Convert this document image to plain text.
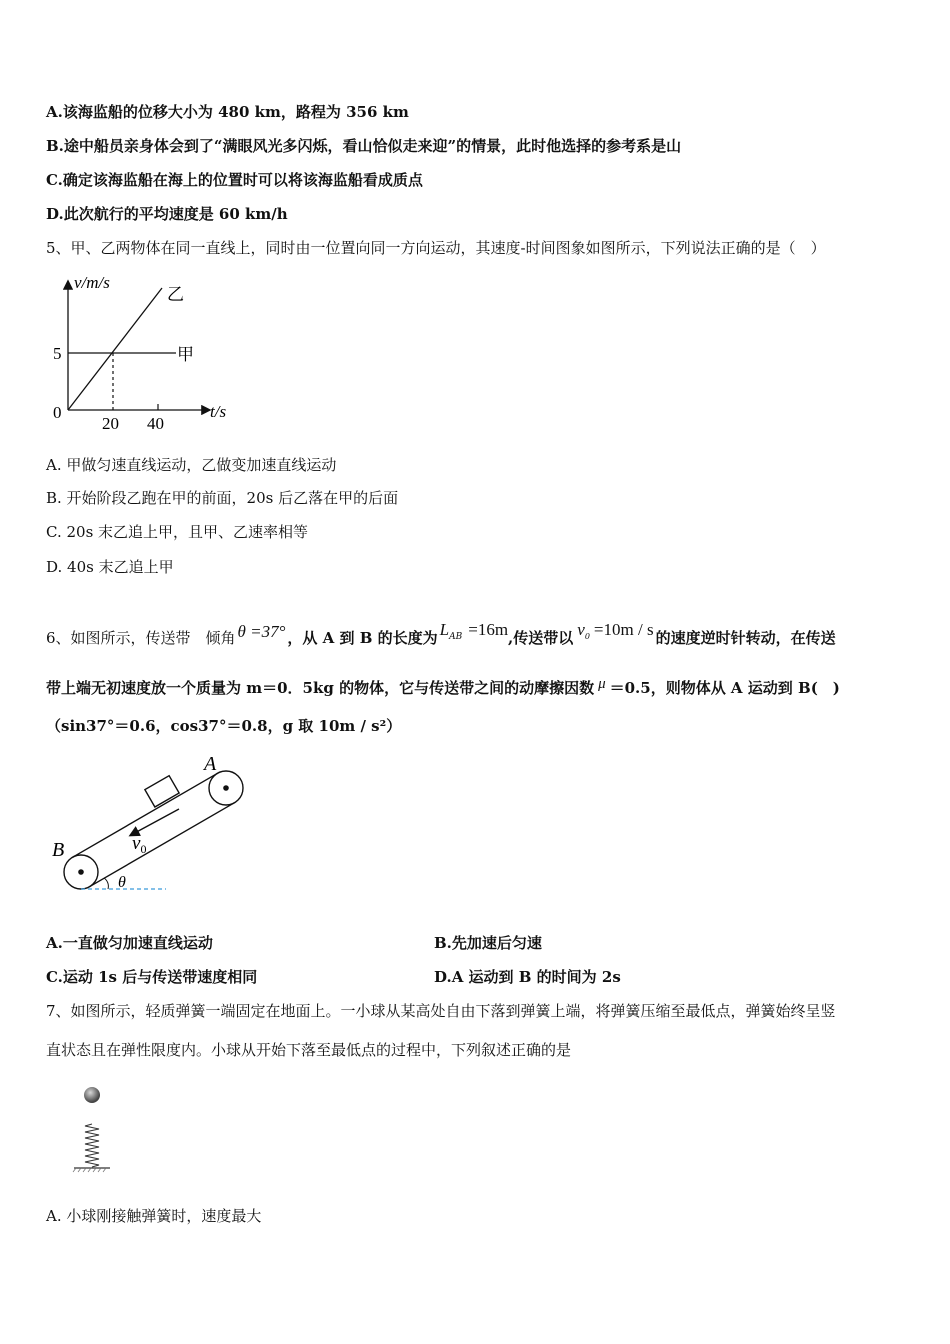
A.该海监船的位移大小为 480 km，路程为 356 km
B.途中船员亲身体会到了“满眼风光多闪烁，看山恰似走来迎”的情景，此时他选择的参考系是山
C.确定该海监船在海上的位置时可以将该海监船看成质点
D.此次航行的平均速度是 60 km/h
5、甲、乙两物体在同一直线上，同时由一位置向同一方向运动，其速度-时间图象如图所示，下列说法正确的是（　）
v/m/s
t/s
0
5
20 40
甲
乙
A. 甲做匀速直线运动，乙做变加速直线运动
B. 开始阶段乙跑在甲的前面，20s 后乙落在甲的后面
C. 20s 末乙追上甲，且甲、乙速率相等
D. 40s 末乙追上甲
6、如图所示，传送带　倾角 θ =37° ，从 A 到 B 的长度为 $L_{AB} =16m$,传送带以 $v_0 =10m / s$ 的速度逆时针转动，在传送
带上端无初速度放一个质量为 m＝0．5kg 的物体，它与传送带之间的动摩擦因数 μ ＝0.5，则物体从 A 运动到 B(　)
（sin37°＝0.6，cos37°＝0.8，g 取 10m / s²）
$v_0$
θ
A
B
A.一直做匀加速直线运动	B.先加速后匀速
C.运动 1s 后与传送带速度相同	D.A 运动到 B 的时间为 2s
7、如图所示，轻质弹簧一端固定在地面上。一小球从某高处自由下落到弹簧上端，将弹簧压缩至最低点，弹簧始终呈竖
直状态且在弹性限度内。小球从开始下落至最低点的过程中，下列叙述正确的是
A. 小球刚接触弹簧时，速度最大
